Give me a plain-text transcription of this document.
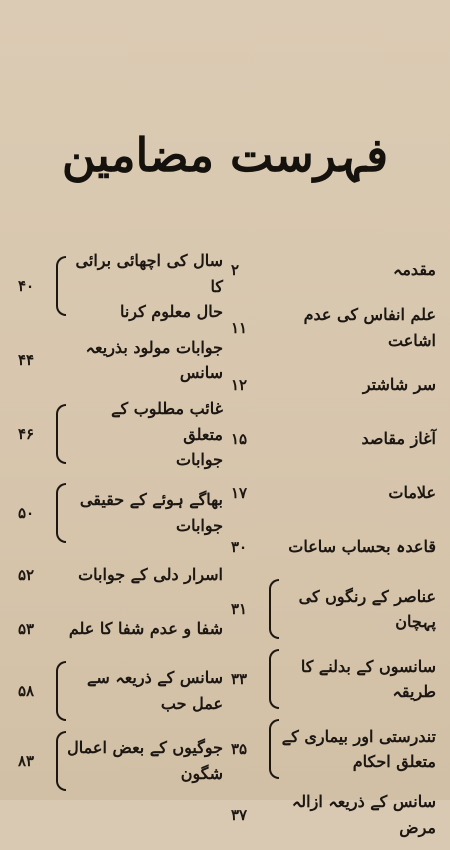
فہرست مضامین
مقدمہ
۲
علم انفاس کی عدم اشاعت
۱۱
سر شاشتر
۱۲
آغاز مقاصد
۱۵
علامات
۱۷
قاعدہ بحساب ساعات
۳۰
عناصر کے رنگوں کی
پہچان
۳۱
سانسوں کے بدلنے کا
طریقہ
۳۳
تندرستی اور بیماری کے
متعلق احکام
۳۵
سانس کے ذریعہ ازالہ مرض
۳۷
سال کی اچھائی برائی کا
حال معلوم کرنا
۴۰
جوابات مولود بذریعہ سانس
۴۴
غائب مطلوب کے متعلق
جوابات
۴۶
بھاگے ہوئے کے حقیقی
جوابات
۵۰
اسرار دلی کے جوابات
۵۲
شفا و عدم شفا کا علم
۵۳
سانس کے ذریعہ سے
عمل حب
۵۸
جوگیوں کے بعض اعمال
شگون
۸۳
